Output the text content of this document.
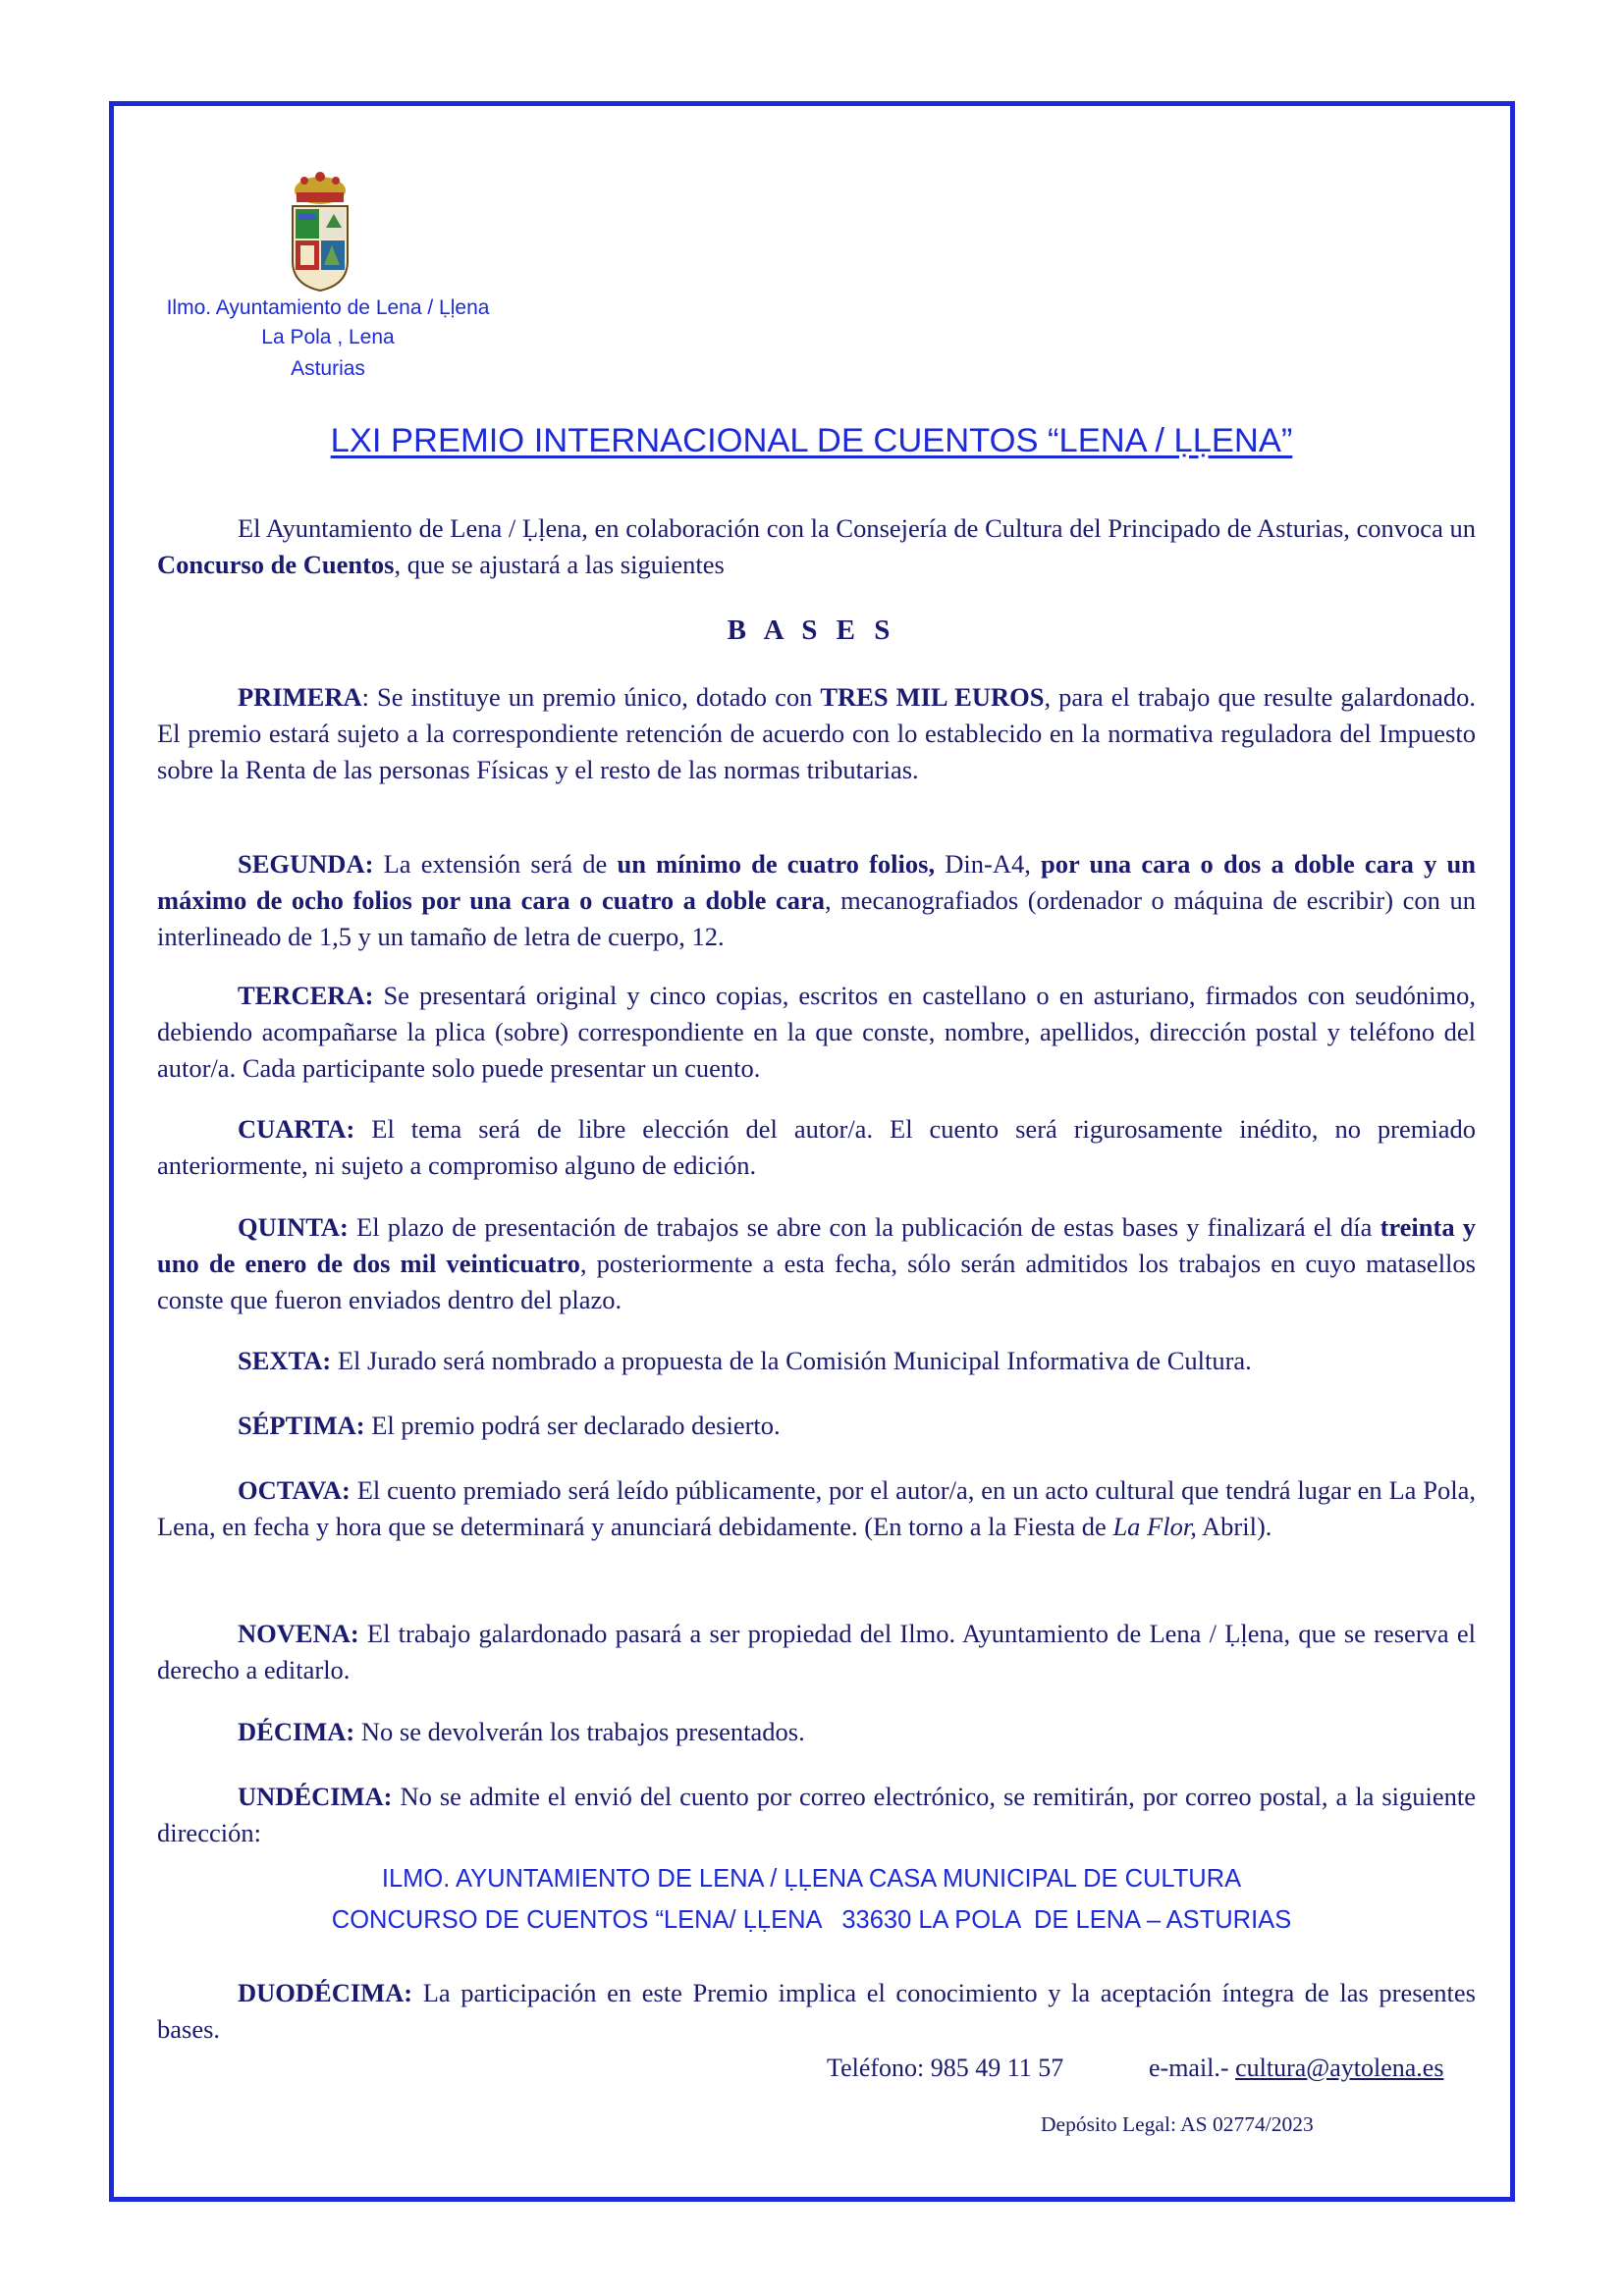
Ilmo. Ayuntamiento de Lena / Ḷḷena
La Pola , Lena
Asturias
LXI PREMIO INTERNACIONAL DE CUENTOS “LENA / ḶḶENA”
El Ayuntamiento de Lena / Ḷḷena, en colaboración con la Consejería de Cultura del Principado de Asturias, convoca un Concurso de Cuentos, que se ajustará a las siguientes
B A S E S
PRIMERA: Se instituye un premio único, dotado con TRES MIL EUROS, para el trabajo que resulte galardonado. El premio estará sujeto a la correspondiente retención de acuerdo con lo establecido en la normativa reguladora del Impuesto sobre la Renta de las personas Físicas y el resto de las normas tributarias.
SEGUNDA: La extensión será de un mínimo de cuatro folios, Din-A4, por una cara o dos a doble cara y un máximo de ocho folios por una cara o cuatro a doble cara, mecanografiados (ordenador o máquina de escribir) con un interlineado de 1,5 y un tamaño de letra de cuerpo, 12.
TERCERA: Se presentará original y cinco copias, escritos en castellano o en asturiano, firmados con seudónimo, debiendo acompañarse la plica (sobre) correspondiente en la que conste, nombre, apellidos, dirección postal y teléfono del autor/a. Cada participante solo puede presentar un cuento.
CUARTA: El tema será de libre elección del autor/a. El cuento será rigurosamente inédito, no premiado anteriormente, ni sujeto a compromiso alguno de edición.
QUINTA: El plazo de presentación de trabajos se abre con la publicación de estas bases y finalizará el día treinta y uno de enero de dos mil veinticuatro, posteriormente a esta fecha, sólo serán admitidos los trabajos en cuyo matasellos conste que fueron enviados dentro del plazo.
SEXTA: El Jurado será nombrado a propuesta de la Comisión Municipal Informativa de Cultura.
SÉPTIMA: El premio podrá ser declarado desierto.
OCTAVA: El cuento premiado será leído públicamente, por el autor/a, en un acto cultural que tendrá lugar en La Pola, Lena, en fecha y hora que se determinará y anunciará debidamente. (En torno a la Fiesta de La Flor, Abril).
NOVENA: El trabajo galardonado pasará a ser propiedad del Ilmo. Ayuntamiento de Lena / Ḷḷena, que se reserva el derecho a editarlo.
DÉCIMA: No se devolverán los trabajos presentados.
UNDÉCIMA: No se admite el envió del cuento por correo electrónico, se remitirán, por correo postal, a la siguiente dirección:
ILMO. AYUNTAMIENTO DE LENA / ḶḶENA CASA MUNICIPAL DE CULTURA
CONCURSO DE CUENTOS “LENA/ ḶḶENA   33630 LA POLA  DE LENA – ASTURIAS
DUODÉCIMA: La participación en este Premio implica el conocimiento y la aceptación íntegra de las presentes bases.
Teléfono: 985 49 11 57	e-mail.- cultura@aytolena.es
Depósito Legal: AS 02774/2023
